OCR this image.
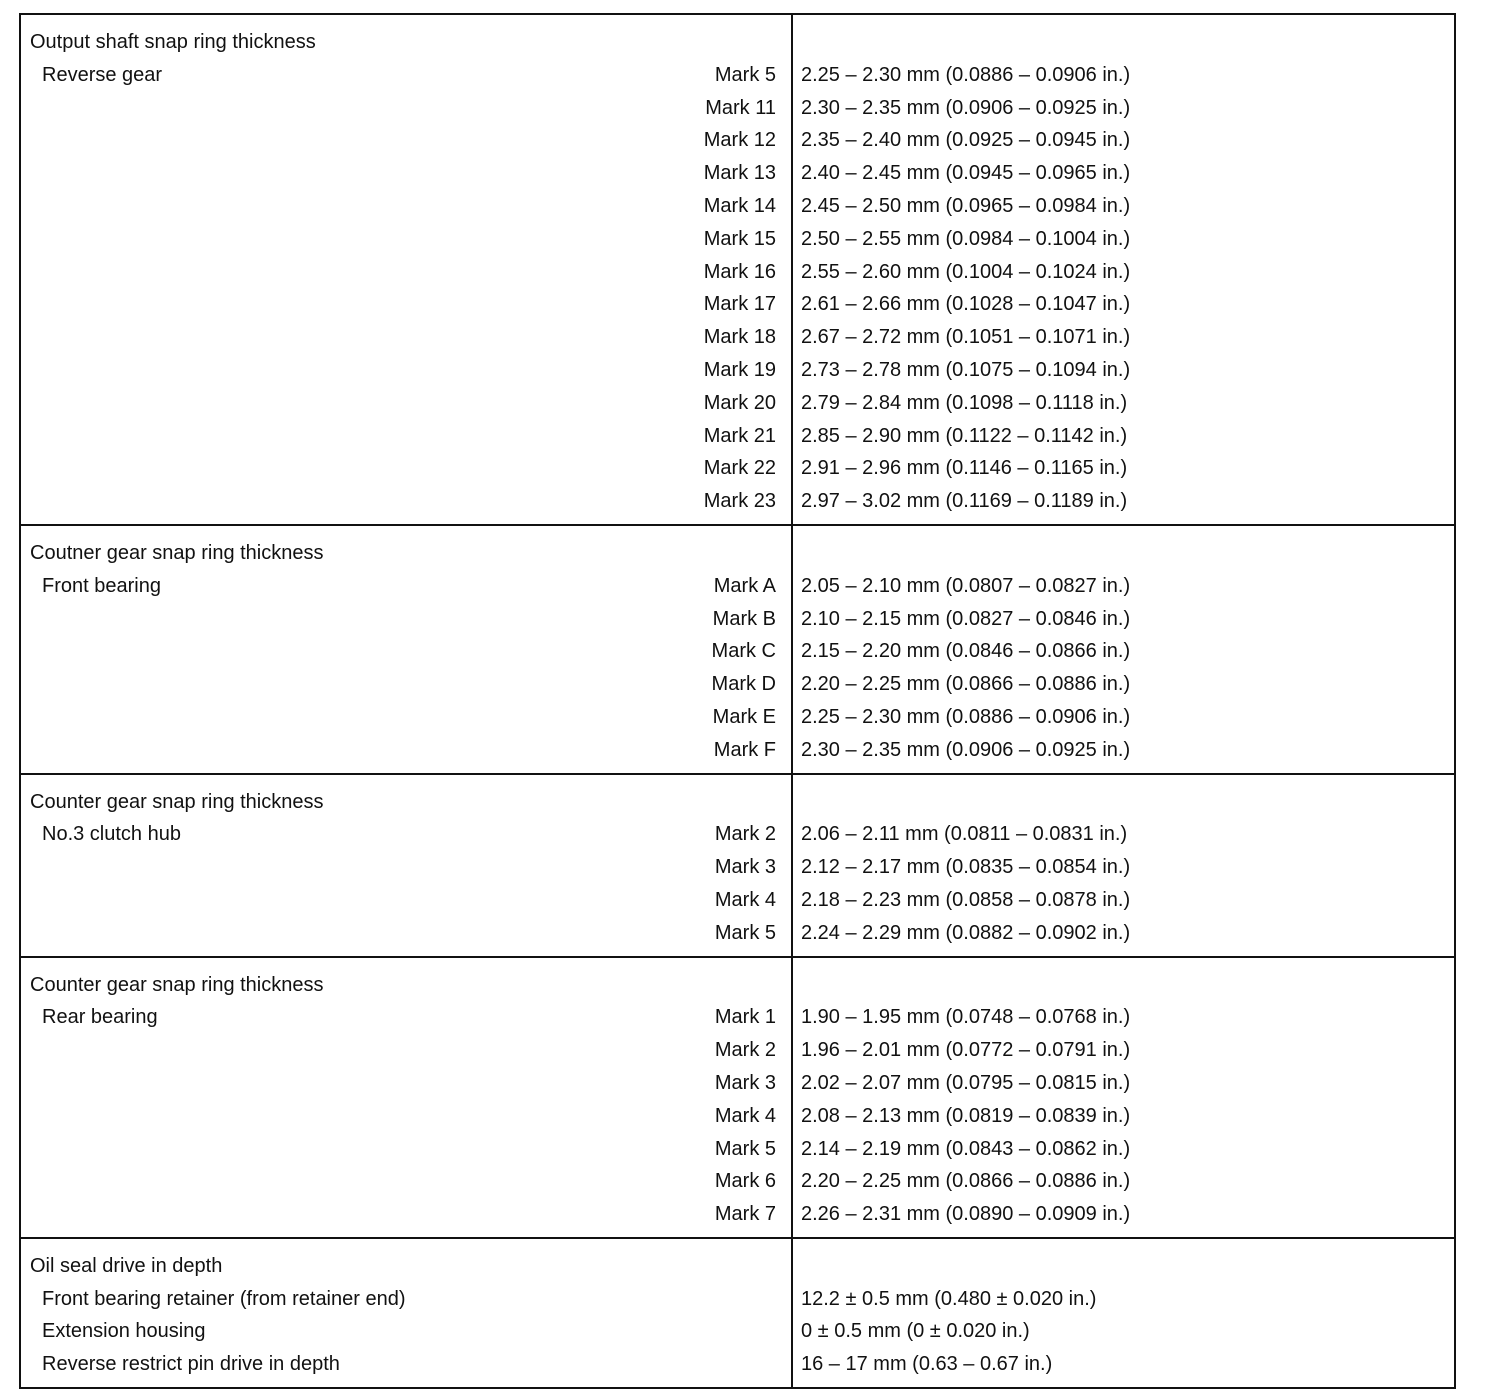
Output shaft snap ring thickness
Reverse gear	Mark 5 2.25 – 2.30 mm (0.0886 – 0.0906 in.)
Mark 11 2.30 – 2.35 mm (0.0906 – 0.0925 in.)
Mark 12 2.35 – 2.40 mm (0.0925 – 0.0945 in.)
Mark 13 2.40 – 2.45 mm (0.0945 – 0.0965 in.)
Mark 14 2.45 – 2.50 mm (0.0965 – 0.0984 in.)
Mark 15 2.50 – 2.55 mm (0.0984 – 0.1004 in.)
Mark 16 2.55 – 2.60 mm (0.1004 – 0.1024 in.)
Mark 17 2.61 – 2.66 mm (0.1028 – 0.1047 in.)
Mark 18 2.67 – 2.72 mm (0.1051 – 0.1071 in.)
Mark 19 2.73 – 2.78 mm (0.1075 – 0.1094 in.)
Mark 20 2.79 – 2.84 mm (0.1098 – 0.1118 in.)
Mark 21 2.85 – 2.90 mm (0.1122 – 0.1142 in.)
Mark 22 2.91 – 2.96 mm (0.1146 – 0.1165 in.)
Mark 23 2.97 – 3.02 mm (0.1169 – 0.1189 in.)
Coutner gear snap ring thickness
Front bearing	Mark A 2.05 – 2.10 mm (0.0807 – 0.0827 in.)
Mark B 2.10 – 2.15 mm (0.0827 – 0.0846 in.)
Mark C 2.15 – 2.20 mm (0.0846 – 0.0866 in.)
Mark D 2.20 – 2.25 mm (0.0866 – 0.0886 in.)
Mark E 2.25 – 2.30 mm (0.0886 – 0.0906 in.)
Mark F 2.30 – 2.35 mm (0.0906 – 0.0925 in.)
Counter gear snap ring thickness
No.3 clutch hub	Mark 2 2.06 – 2.11 mm (0.0811 – 0.0831 in.)
Mark 3 2.12 – 2.17 mm (0.0835 – 0.0854 in.)
Mark 4 2.18 – 2.23 mm (0.0858 – 0.0878 in.)
Mark 5 2.24 – 2.29 mm (0.0882 – 0.0902 in.)
Counter gear snap ring thickness
Rear bearing	Mark 1 1.90 – 1.95 mm (0.0748 – 0.0768 in.)
Mark 2 1.96 – 2.01 mm (0.0772 – 0.0791 in.)
Mark 3 2.02 – 2.07 mm (0.0795 – 0.0815 in.)
Mark 4 2.08 – 2.13 mm (0.0819 – 0.0839 in.)
Mark 5 2.14 – 2.19 mm (0.0843 – 0.0862 in.)
Mark 6 2.20 – 2.25 mm (0.0866 – 0.0886 in.)
Mark 7 2.26 – 2.31 mm (0.0890 – 0.0909 in.)
Oil seal drive in depth
Front bearing retainer (from retainer end)	12.2 ± 0.5 mm (0.480 ± 0.020 in.)
Extension housing	0 ± 0.5 mm (0 ± 0.020 in.)
Reverse restrict pin drive in depth	16 – 17 mm (0.63 – 0.67 in.)
